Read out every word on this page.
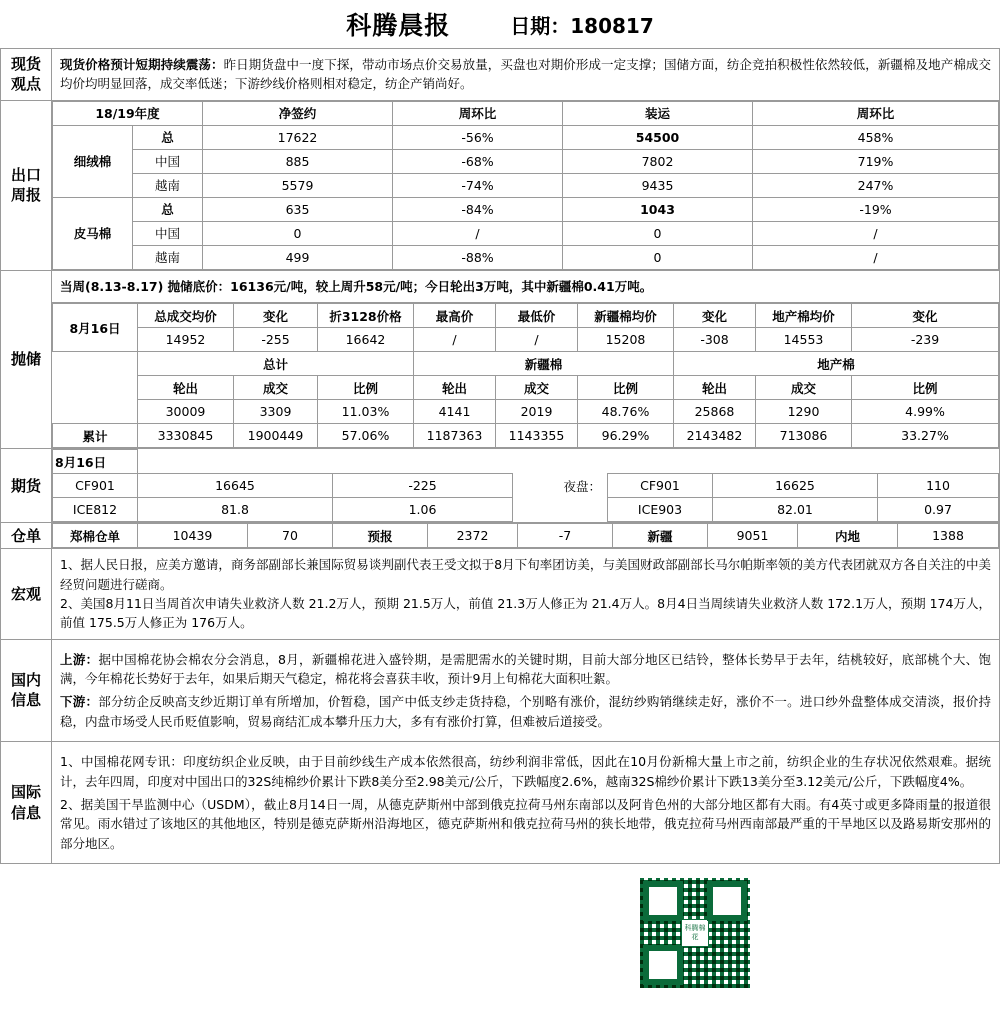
科腾晨报	日期：180817
现货
观点
	现货价格预计短期持续震荡：昨日期货盘中一度下探，带动市场点价交易放量，买盘也对期价形成一定支撑；国储方面，纺企竞拍积极性依然较低，新疆棉及地产棉成交均价均明显回落，成交率低迷；下游纱线价格则相对稳定，纺企产销尚好。

出口
周报

18/19年度	净签约	周环比	装运	周环比
细绒棉	总	17622	-56%	54500	458%
中国	885	-68%	7802	719%
越南	5579	-74%	9435	247%
皮马棉	总	635	-84%	1043	-19%
中国	0	/	0	/
越南	499	-88%	0	/

抛储	当周(8.13-8.17) 抛储底价：16136元/吨，较上周升58元/吨；今日轮出3万吨，其中新疆棉0.41万吨。

8月16日	总成交均价	变化	折3128价格	最高价	最低价	新疆棉均价	变化	地产棉均价	变化
14952	-255	16642	/	/	15208	-308	14553	-239
	总计	新疆棉	地产棉
	轮出	成交	比例	轮出	成交	比例	轮出	成交	比例
	30009	3309	11.03%	4141	2019	48.76%	25868	1290	4.99%
累计	3330845	1900449	57.06%	1187363	1143355	96.29%	2143482	713086	33.27%

期货	
8月16日						
CF901	16645	-225	夜盘：	CF901	16625	110
ICE812	81.8	1.06		ICE903	82.01	0.97

仓单	郑棉仓单	10439	70	预报	2372	-7	新疆	9051	内地	1388

宏观	
1、据人民日报，应美方邀请，商务部副部长兼国际贸易谈判副代表王受文拟于8月下旬率团访美，与美国财政部副部长马尔帕斯率领的美方代表团就双方各自关注的中美经贸问题进行磋商。
2、美国8月11日当周首次申请失业救济人数 21.2万人，预期 21.5万人，前值 21.3万人修正为 21.4万人。8月4日当周续请失业救济人数 172.1万人，预期 174万人，前值 175.5万人修正为 176万人。

国内
信息

上游：据中国棉花协会棉农分会消息，8月，新疆棉花进入盛铃期，是需肥需水的关键时期，目前大部分地区已结铃，整体长势早于去年，结桃较好，底部桃个大、饱满，今年棉花长势好于去年，如果后期天气稳定，棉花将会喜获丰收，预计9月上旬棉花大面积吐絮。
下游：部分纺企反映高支纱近期订单有所增加，价暂稳，国产中低支纱走货持稳，个别略有涨价，混纺纱购销继续走好，涨价不一。进口纱外盘整体成交清淡，报价持稳，内盘市场受人民币贬值影响，贸易商结汇成本攀升压力大，多有有涨价打算，但难被后道接受。

国际
信息

1、中国棉花网专讯：印度纺织企业反映，由于目前纱线生产成本依然很高，纺纱利润非常低，因此在10月份新棉大量上市之前，纺织企业的生存状况依然艰难。据统计，去年四周，印度对中国出口的32S纯棉纱价累计下跌8美分至2.98美元/公斤，下跌幅度2.6%，越南32S棉纱价累计下跌13美分至3.12美元/公斤，下跌幅度4%。
2、据美国干旱监测中心（USDM），截止8月14日一周，从德克萨斯州中部到俄克拉荷马州东南部以及阿肯色州的大部分地区都有大雨。有4英寸或更多降雨量的报道很常见。雨水错过了该地区的其他地区，特别是德克萨斯州沿海地区，德克萨斯州和俄克拉荷马州的狭长地带，俄克拉荷马州西南部最严重的干旱地区以及路易斯安那州的部分地区。
科腾棉花
